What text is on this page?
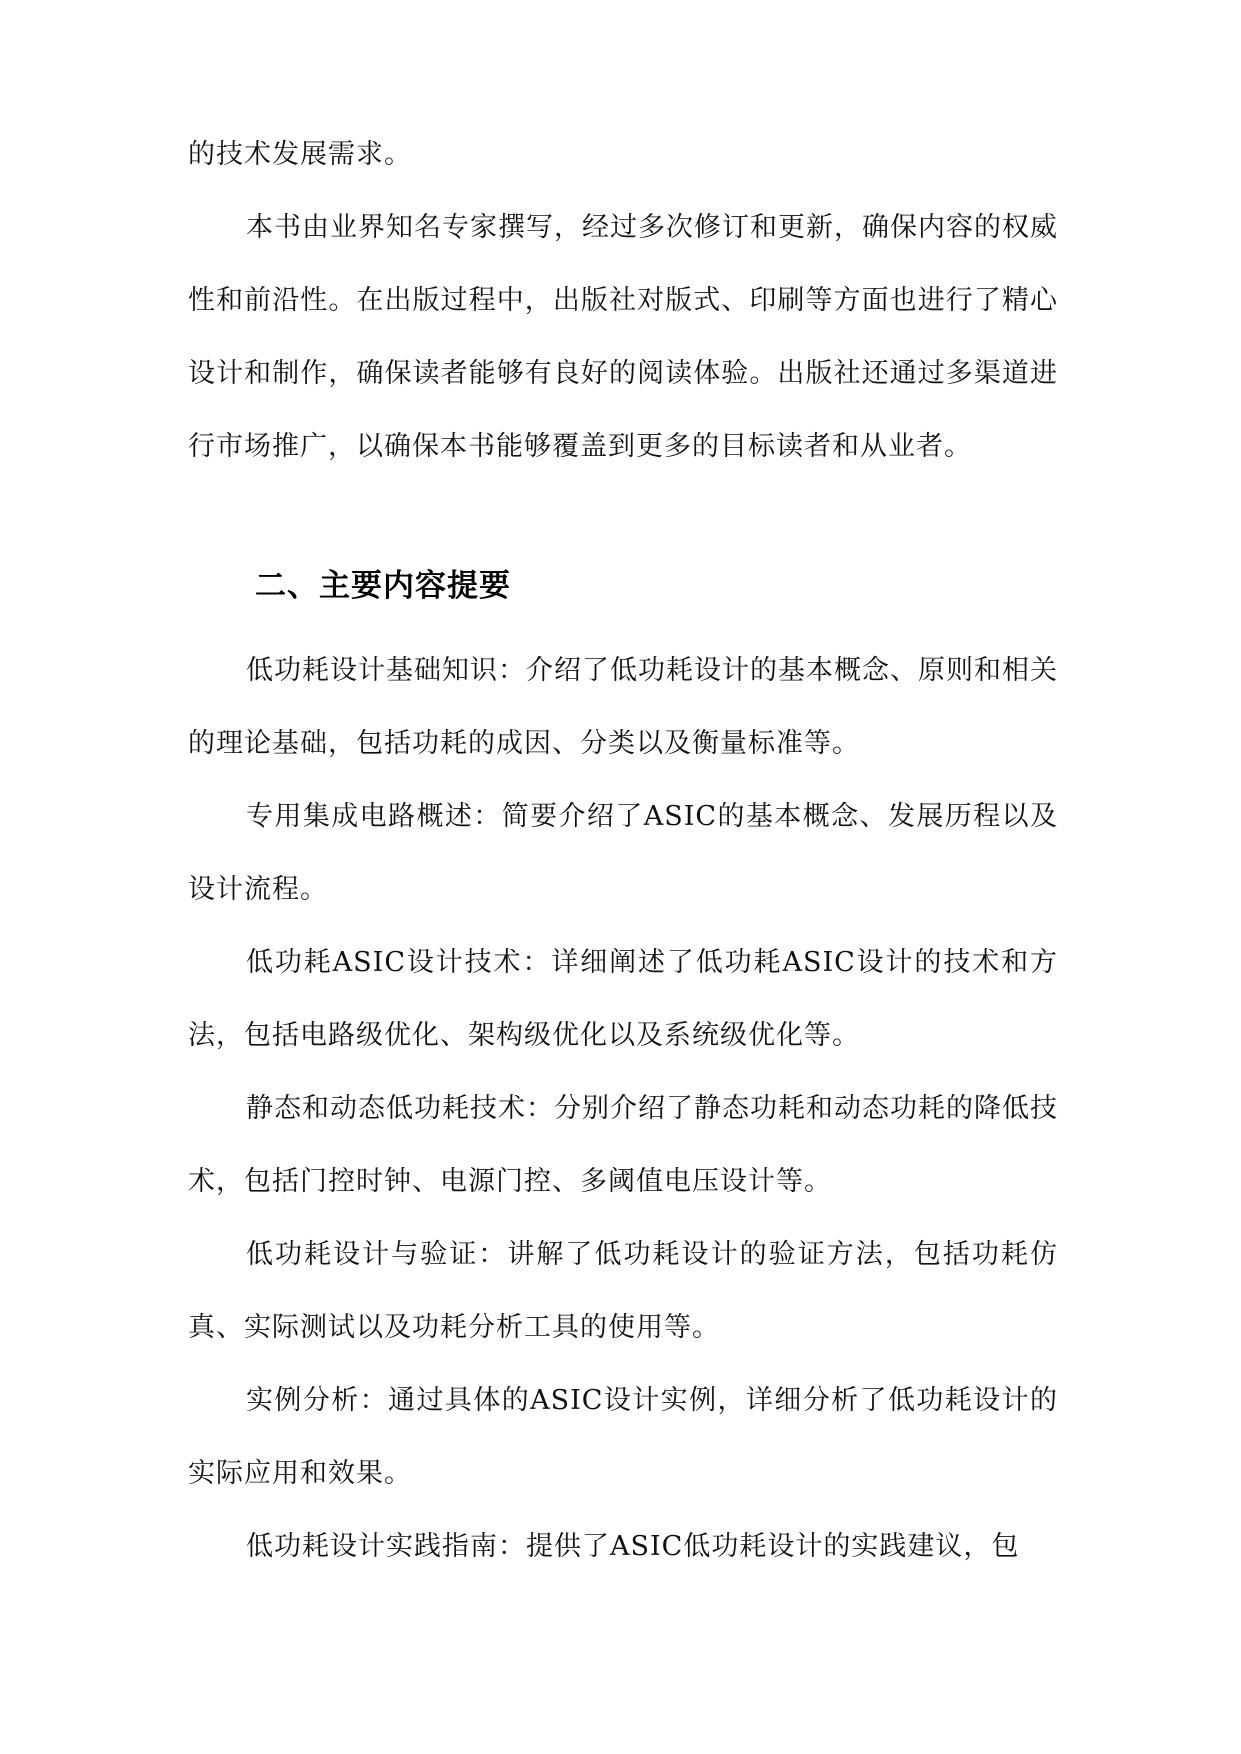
的技术发展需求。

本书由业界知名专家撰写，经过多次修订和更新，确保内容的权威性和前沿性。在出版过程中，出版社对版式、印刷等方面也进行了精心设计和制作，确保读者能够有良好的阅读体验。出版社还通过多渠道进行市场推广，以确保本书能够覆盖到更多的目标读者和从业者。

二、主要内容提要

低功耗设计基础知识：介绍了低功耗设计的基本概念、原则和相关的理论基础，包括功耗的成因、分类以及衡量标准等。

专用集成电路概述：简要介绍了ASIC的基本概念、发展历程以及设计流程。

低功耗ASIC设计技术：详细阐述了低功耗ASIC设计的技术和方法，包括电路级优化、架构级优化以及系统级优化等。

静态和动态低功耗技术：分别介绍了静态功耗和动态功耗的降低技术，包括门控时钟、电源门控、多阈值电压设计等。

低功耗设计与验证：讲解了低功耗设计的验证方法，包括功耗仿真、实际测试以及功耗分析工具的使用等。

实例分析：通过具体的ASIC设计实例，详细分析了低功耗设计的实际应用和效果。

低功耗设计实践指南：提供了ASIC低功耗设计的实践建议，包
